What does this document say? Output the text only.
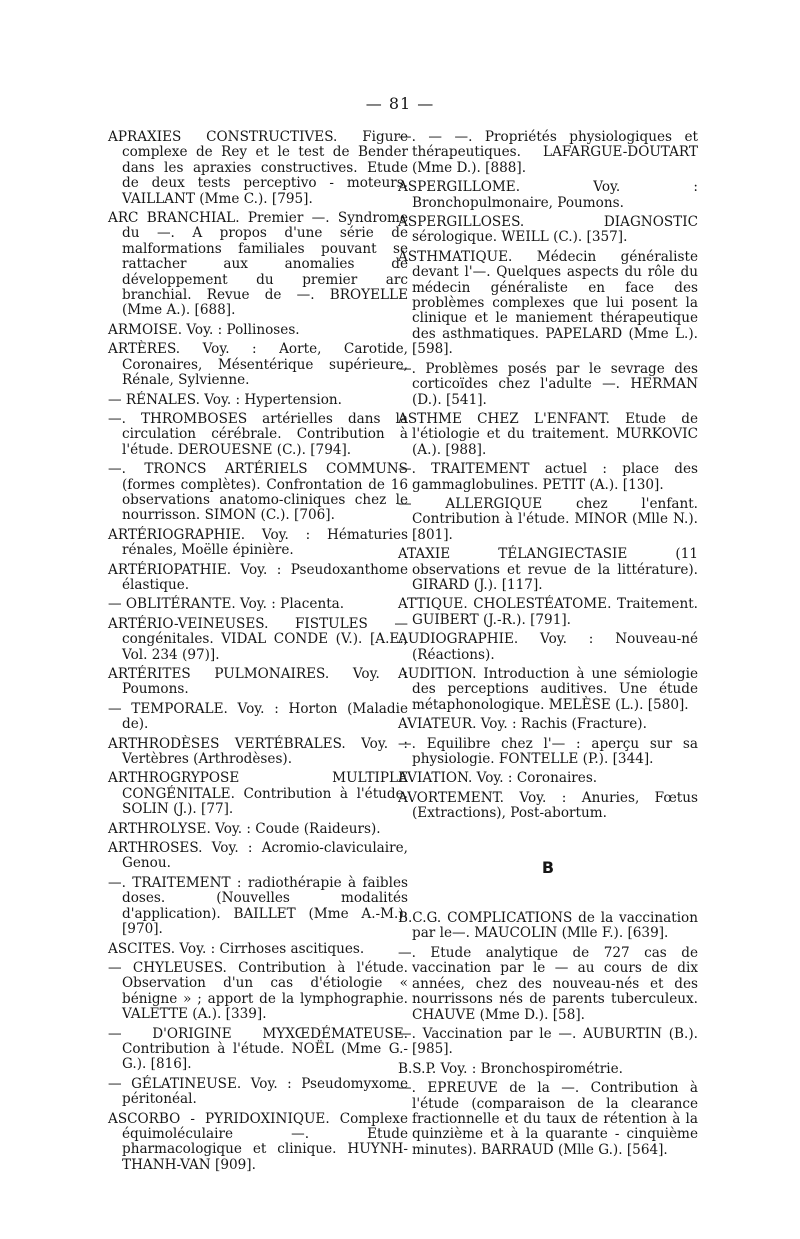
— 81 —

APRAXIES CONSTRUCTIVES. Figure complexe de Rey et le test de Bender dans les apraxies constructives. Etude de deux tests perceptivo - moteurs. VAILLANT (Mme C.). [795].

ARC BRANCHIAL. Premier —. Syndrome du —. A propos d'une série de malformations familiales pouvant se rattacher aux anomalies de développement du premier arc branchial. Revue de —. BROYELLE (Mme A.). [688].

ARMOISE. Voy. : Pollinoses.

ARTÈRES. Voy. : Aorte, Carotide, Coronaires, Mésentérique supérieure, Rénale, Sylvienne.

— RÉNALES. Voy. : Hypertension.

—. THROMBOSES artérielles dans la circulation cérébrale. Contribution à l'étude. DEROUESNE (C.). [794].

—. TRONCS ARTÉRIELS COMMUNS (formes complètes). Confrontation de 16 observations anatomo-cliniques chez le nourrisson. SIMON (C.). [706].

ARTÉRIOGRAPHIE. Voy. : Hématuries rénales, Moëlle épinière.

ARTÉRIOPATHIE. Voy. : Pseudoxanthome élastique.

— OBLITÉRANTE. Voy. : Placenta.

ARTÉRIO-VEINEUSES. FISTULES — congénitales. VIDAL CONDE (V.). [A.E., Vol. 234 (97)].

ARTÉRITES PULMONAIRES. Voy. : Poumons.

— TEMPORALE. Voy. : Horton (Maladie de).

ARTHRODÈSES VERTÉBRALES. Voy. : Vertèbres (Arthrodèses).

ARTHROGRYPOSE MULTIPLE CONGÉNITALE. Contribution à l'étude. SOLIN (J.). [77].

ARTHROLYSE. Voy. : Coude (Raideurs).

ARTHROSES. Voy. : Acromio-claviculaire, Genou.

—. TRAITEMENT : radiothérapie à faibles doses. (Nouvelles modalités d'application). BAILLET (Mme A.-M.). [970].

ASCITES. Voy. : Cirrhoses ascitiques.

— CHYLEUSES. Contribution à l'étude. Observation d'un cas d'étiologie « bénigne » ; apport de la lymphographie. VALETTE (A.). [339].

— D'ORIGINE MYXŒDÉMATEUSE. Contribution à l'étude. NOËL (Mme G.-G.). [816].

— GÉLATINEUSE. Voy. : Pseudomyxome péritonéal.

ASCORBO - PYRIDOXINIQUE. Complexe équimoléculaire —. Etude pharmacologique et clinique. HUYNH-THANH-VAN [909].

—. — —. Propriétés physiologiques et thérapeutiques. LAFARGUE-DOUTART (Mme D.). [888].

ASPERGILLOME. Voy. : Bronchopulmonaire, Poumons.

ASPERGILLOSES. DIAGNOSTIC sérologique. WEILL (C.). [357].

ASTHMATIQUE. Médecin généraliste devant l'—. Quelques aspects du rôle du médecin généraliste en face des problèmes complexes que lui posent la clinique et le maniement thérapeutique des asthmatiques. PAPELARD (Mme L.). [598].

—. Problèmes posés par le sevrage des corticoïdes chez l'adulte —. HERMAN (D.). [541].

ASTHME CHEZ L'ENFANT. Etude de l'étiologie et du traitement. MURKOVIC (A.). [988].

—. TRAITEMENT actuel : place des gammaglobulines. PETIT (A.). [130].

— ALLERGIQUE chez l'enfant. Contribution à l'étude. MINOR (Mlle N.). [801].

ATAXIE TÉLANGIECTASIE (11 observations et revue de la littérature). GIRARD (J.). [117].

ATTIQUE. CHOLESTÉATOME. Traitement. GUIBERT (J.-R.). [791].

AUDIOGRAPHIE. Voy. : Nouveau-né (Réactions).

AUDITION. Introduction à une sémiologie des perceptions auditives. Une étude métaphonologique. MELÈSE (L.). [580].

AVIATEUR. Voy. : Rachis (Fracture).

—. Equilibre chez l'— : aperçu sur sa physiologie. FONTELLE (P.). [344].

AVIATION. Voy. : Coronaires.

AVORTEMENT. Voy. : Anuries, Fœtus (Extractions), Post-abortum.

B

B.C.G. COMPLICATIONS de la vaccination par le—. MAUCOLIN (Mlle F.). [639].

—. Etude analytique de 727 cas de vaccination par le — au cours de dix années, chez des nouveau-nés et des nourrissons nés de parents tuberculeux. CHAUVE (Mme D.). [58].

—. Vaccination par le —. AUBURTIN (B.). [985].

B.S.P. Voy. : Bronchospirométrie.

—. EPREUVE de la —. Contribution à l'étude (comparaison de la clearance fractionnelle et du taux de rétention à la quinzième et à la quarante - cinquième minutes). BARRAUD (Mlle G.). [564].
